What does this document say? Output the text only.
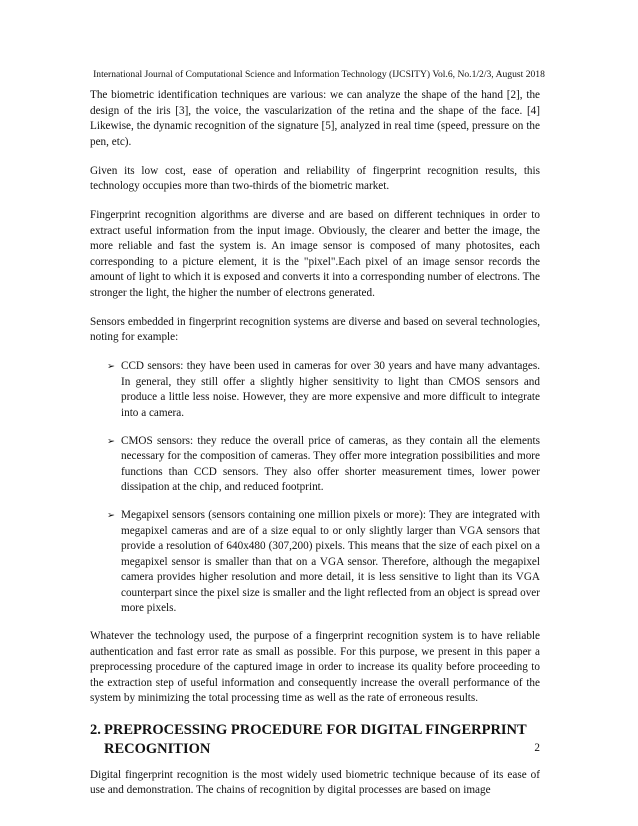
International Journal of Computational Science and Information Technology (IJCSITY) Vol.6, No.1/2/3, August 2018

The biometric identification techniques are various: we can analyze the shape of the hand [2], the design of the iris [3], the voice, the vascularization of the retina and the shape of the face. [4] Likewise, the dynamic recognition of the signature [5], analyzed in real time (speed, pressure on the pen, etc).

Given its low cost, ease of operation and reliability of fingerprint recognition results, this technology occupies more than two-thirds of the biometric market.

Fingerprint recognition algorithms are diverse and are based on different techniques in order to extract useful information from the input image. Obviously, the clearer and better the image, the more reliable and fast the system is. An image sensor is composed of many photosites, each corresponding to a picture element, it is the "pixel".Each pixel of an image sensor records the amount of light to which it is exposed and converts it into a corresponding number of electrons. The stronger the light, the higher the number of electrons generated.

Sensors embedded in fingerprint recognition systems are diverse and based on several technologies, noting for example:

➢ CCD sensors: they have been used in cameras for over 30 years and have many advantages. In general, they still offer a slightly higher sensitivity to light than CMOS sensors and produce a little less noise. However, they are more expensive and more difficult to integrate into a camera.

➢ CMOS sensors: they reduce the overall price of cameras, as they contain all the elements necessary for the composition of cameras. They offer more integration possibilities and more functions than CCD sensors. They also offer shorter measurement times, lower power dissipation at the chip, and reduced footprint.

➢ Megapixel sensors (sensors containing one million pixels or more): They are integrated with megapixel cameras and are of a size equal to or only slightly larger than VGA sensors that provide a resolution of 640x480 (307,200) pixels. This means that the size of each pixel on a megapixel sensor is smaller than that on a VGA sensor. Therefore, although the megapixel camera provides higher resolution and more detail, it is less sensitive to light than its VGA counterpart since the pixel size is smaller and the light reflected from an object is spread over more pixels.

Whatever the technology used, the purpose of a fingerprint recognition system is to have reliable authentication and fast error rate as small as possible. For this purpose, we present in this paper a preprocessing procedure of the captured image in order to increase its quality before proceeding to the extraction step of useful information and consequently increase the overall performance of the system by minimizing the total processing time as well as the rate of erroneous results.

2. PREPROCESSING PROCEDURE FOR DIGITAL FINGERPRINT
RECOGNITION

Digital fingerprint recognition is the most widely used biometric technique because of its ease of use and demonstration. The chains of recognition by digital processes are based on image

2
